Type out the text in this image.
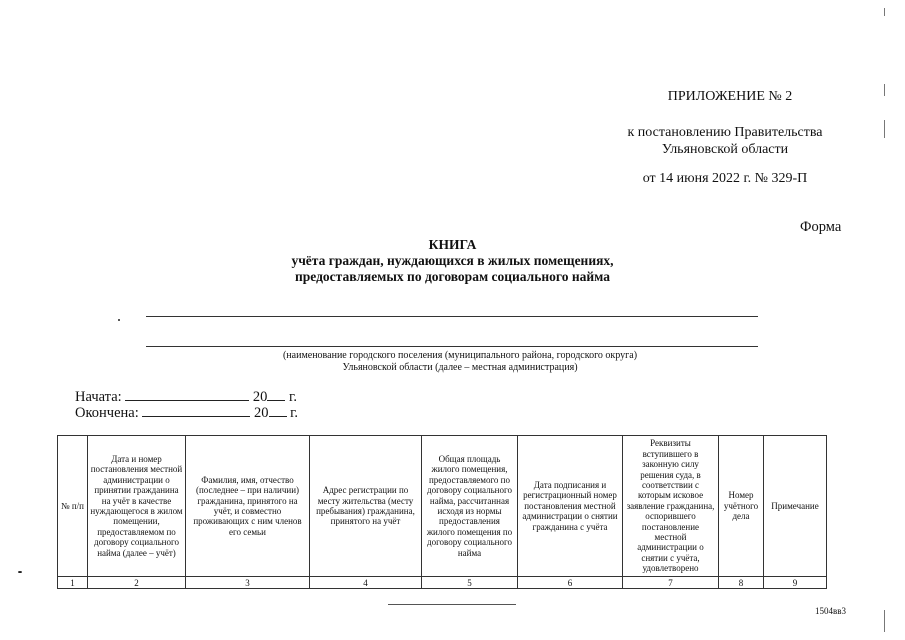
ПРИЛОЖЕНИЕ № 2
к постановлению Правительства
Ульяновской области
от 14 июня 2022 г. № 329-П
Форма
КНИГА
учёта граждан, нуждающихся в жилых помещениях,
предоставляемых по договорам социального найма
(наименование городского поселения (муниципального района, городского округа)
Ульяновской области (далее – местная администрация)
Начата:	20 г.
Окончена:	20 г.
№ п/п	Дата и номер постановления местной администрации о принятии гражданина на учёт в качестве нуждающегося в жилом помещении, предоставляемом по договору социального найма (далее – учёт)	Фамилия, имя, отчество (последнее – при наличии) гражданина, принятого на учёт, и совместно проживающих с ним членов его семьи	Адрес регистрации по месту жительства (месту пребывания) гражданина, принятого на учёт	Общая площадь жилого помещения, предоставляемого по договору социального найма, рассчитанная исходя из нормы предоставления жилого помещения по договору социального найма	Дата подписания и регистрационный номер постановления местной администрации о снятии гражданина с учёта	Реквизиты вступившего в законную силу решения суда, в соответствии с которым исковое заявление гражданина, оспорившего постановление местной администрации о снятии с учёта, удовлетворено	Номер учётного дела	Примечание
1	2	3	4	5	6	7	8	9
1504вв3
